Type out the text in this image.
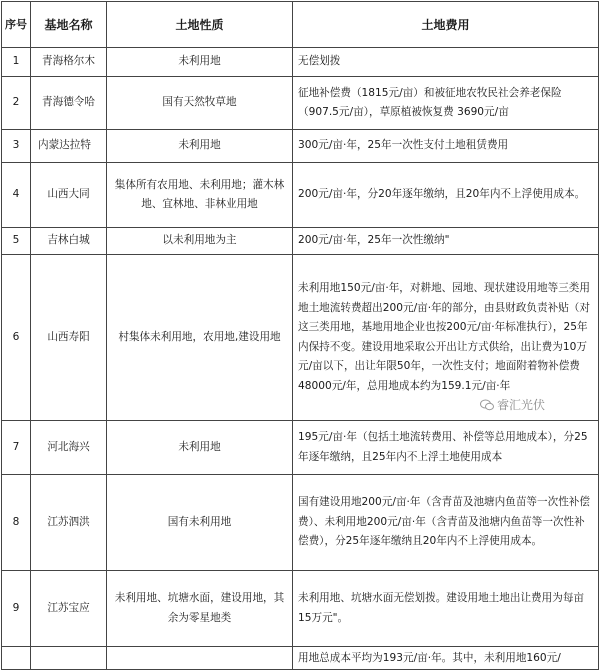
序号	基地名称	土地性质	土地费用
1	青海格尔木	未利用地	无偿划拨
2	青海德令哈	国有天然牧草地	征地补偿费（1815元/亩）和被征地农牧民社会养老保险（907.5元/亩），草原植被恢复费 3690元/亩
3	内蒙达拉特	未利用地	300元/亩·年，25年一次性支付土地租赁费用
4	山西大同	集体所有农用地、未利用地；灌木林地、宜林地、非林业用地	200元/亩·年，分20年逐年缴纳，且20年内不上浮使用成本。
5	吉林白城	以未利用地为主	200元/亩·年，25年一次性缴纳"
6	山西寿阳	村集体未利用地，农用地,建设用地	未利用地150元/亩·年，对耕地、园地、现状建设用地等三类用地土地流转费超出200元/亩·年的部分，由县财政负责补贴（对这三类用地，基地用地企业也按200元/亩·年标准执行），25年内保持不变。建设用地采取公开出让方式供给，出让费为10万元/亩以下，出让年限50年，一次性支付；地面附着物补偿费48000元/年，总用地成本约为159.1元/亩·年
7	河北海兴	未利用地	195元/亩·年（包括土地流转费用、补偿等总用地成本），分25年逐年缴纳，且25年内不上浮土地使用成本
8	江苏泗洪	国有未利用地	国有建设用地200元/亩·年（含青苗及池塘内鱼苗等一次性补偿费）、未利用地200元/亩·年（含青苗及池塘内鱼苗等一次性补偿费），分25年逐年缴纳且20年内不上浮使用成本。
9	江苏宝应	未利用地、坑塘水面，建设用地，其余为零星地类	未利用地、坑塘水面无偿划拨。建设用地土地出让费用为每亩15万元"。
			用地总成本平均为193元/亩·年。其中，未利用地160元/
睿汇光伏
